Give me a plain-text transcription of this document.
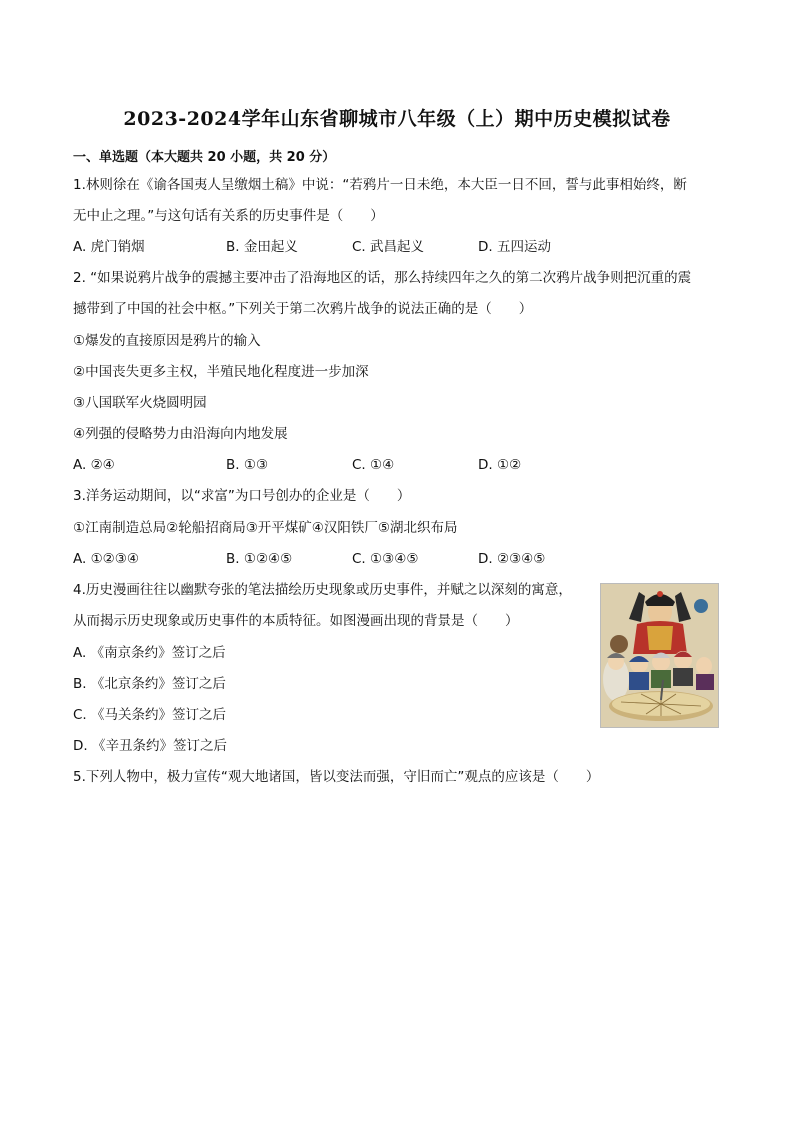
2023-2024学年山东省聊城市八年级（上）期中历史模拟试卷
一、单选题（本大题共 20 小题，共 20 分）
1.林则徐在《谕各国夷人呈缴烟土稿》中说：“若鸦片一日未绝，本大臣一日不回，誓与此事相始终，断
无中止之理。”与这句话有关系的历史事件是（　　）
A. 虎门销烟	B. 金田起义	C. 武昌起义	D. 五四运动
2. “如果说鸦片战争的震撼主要冲击了沿海地区的话，那么持续四年之久的第二次鸦片战争则把沉重的震
撼带到了中国的社会中枢。”下列关于第二次鸦片战争的说法正确的是（　　）
①爆发的直接原因是鸦片的输入
②中国丧失更多主权，半殖民地化程度进一步加深
③八国联军火烧圆明园
④列强的侵略势力由沿海向内地发展
A. ②④	B. ①③	C. ①④	D. ①②
3.洋务运动期间，以“求富”为口号创办的企业是（　　）
①江南制造总局②轮船招商局③开平煤矿④汉阳铁厂⑤湖北织布局
A. ①②③④	B. ①②④⑤	C. ①③④⑤	D. ②③④⑤
4.历史漫画往往以幽默夸张的笔法描绘历史现象或历史事件，并赋之以深刻的寓意，
从而揭示历史现象或历史事件的本质特征。如图漫画出现的背景是（　　）
A. 《南京条约》签订之后
B. 《北京条约》签订之后
C. 《马关条约》签订之后
D. 《辛丑条约》签订之后
5.下列人物中，极力宣传“观大地诸国，皆以变法而强，守旧而亡”观点的应该是（　　）
